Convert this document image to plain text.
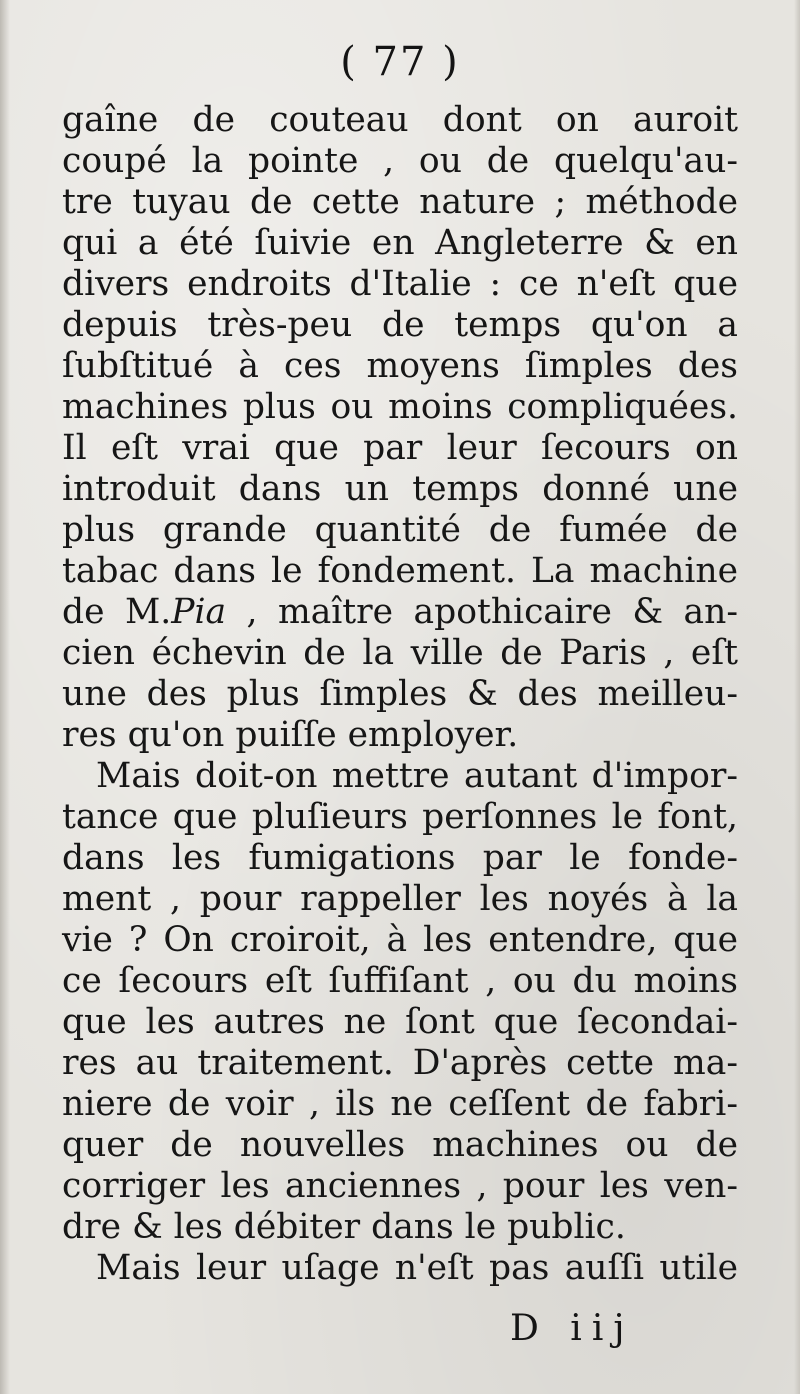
( 77 )
gaîne de couteau dont on auroit
coupé la pointe , ou de quelqu'au-
tre tuyau de cette nature ; méthode
qui a été ſuivie en Angleterre & en
divers endroits d'Italie : ce n'eſt que
depuis très-peu de temps qu'on a
ſubſtitué à ces moyens ſimples des
machines plus ou moins compliquées.
Il eſt vrai que par leur ſecours on
introduit dans un temps donné une
plus grande quantité de fumée de
tabac dans le fondement. La machine
de M.Pia , maître apothicaire & an-
cien échevin de la ville de Paris , eſt
une des plus ſimples & des meilleu-
res qu'on puiſſe employer.
Mais doit-on mettre autant d'impor-
tance que pluſieurs perſonnes le font,
dans les fumigations par le fonde-
ment , pour rappeller les noyés à la
vie ? On croiroit, à les entendre, que
ce ſecours eſt ſuffiſant , ou du moins
que les autres ne ſont que ſecondai-
res au traitement. D'après cette ma-
niere de voir , ils ne ceſſent de fabri-
quer de nouvelles machines ou de
corriger les anciennes , pour les ven-
dre & les débiter dans le public.
Mais leur uſage n'eſt pas auſſi utile
D iij
